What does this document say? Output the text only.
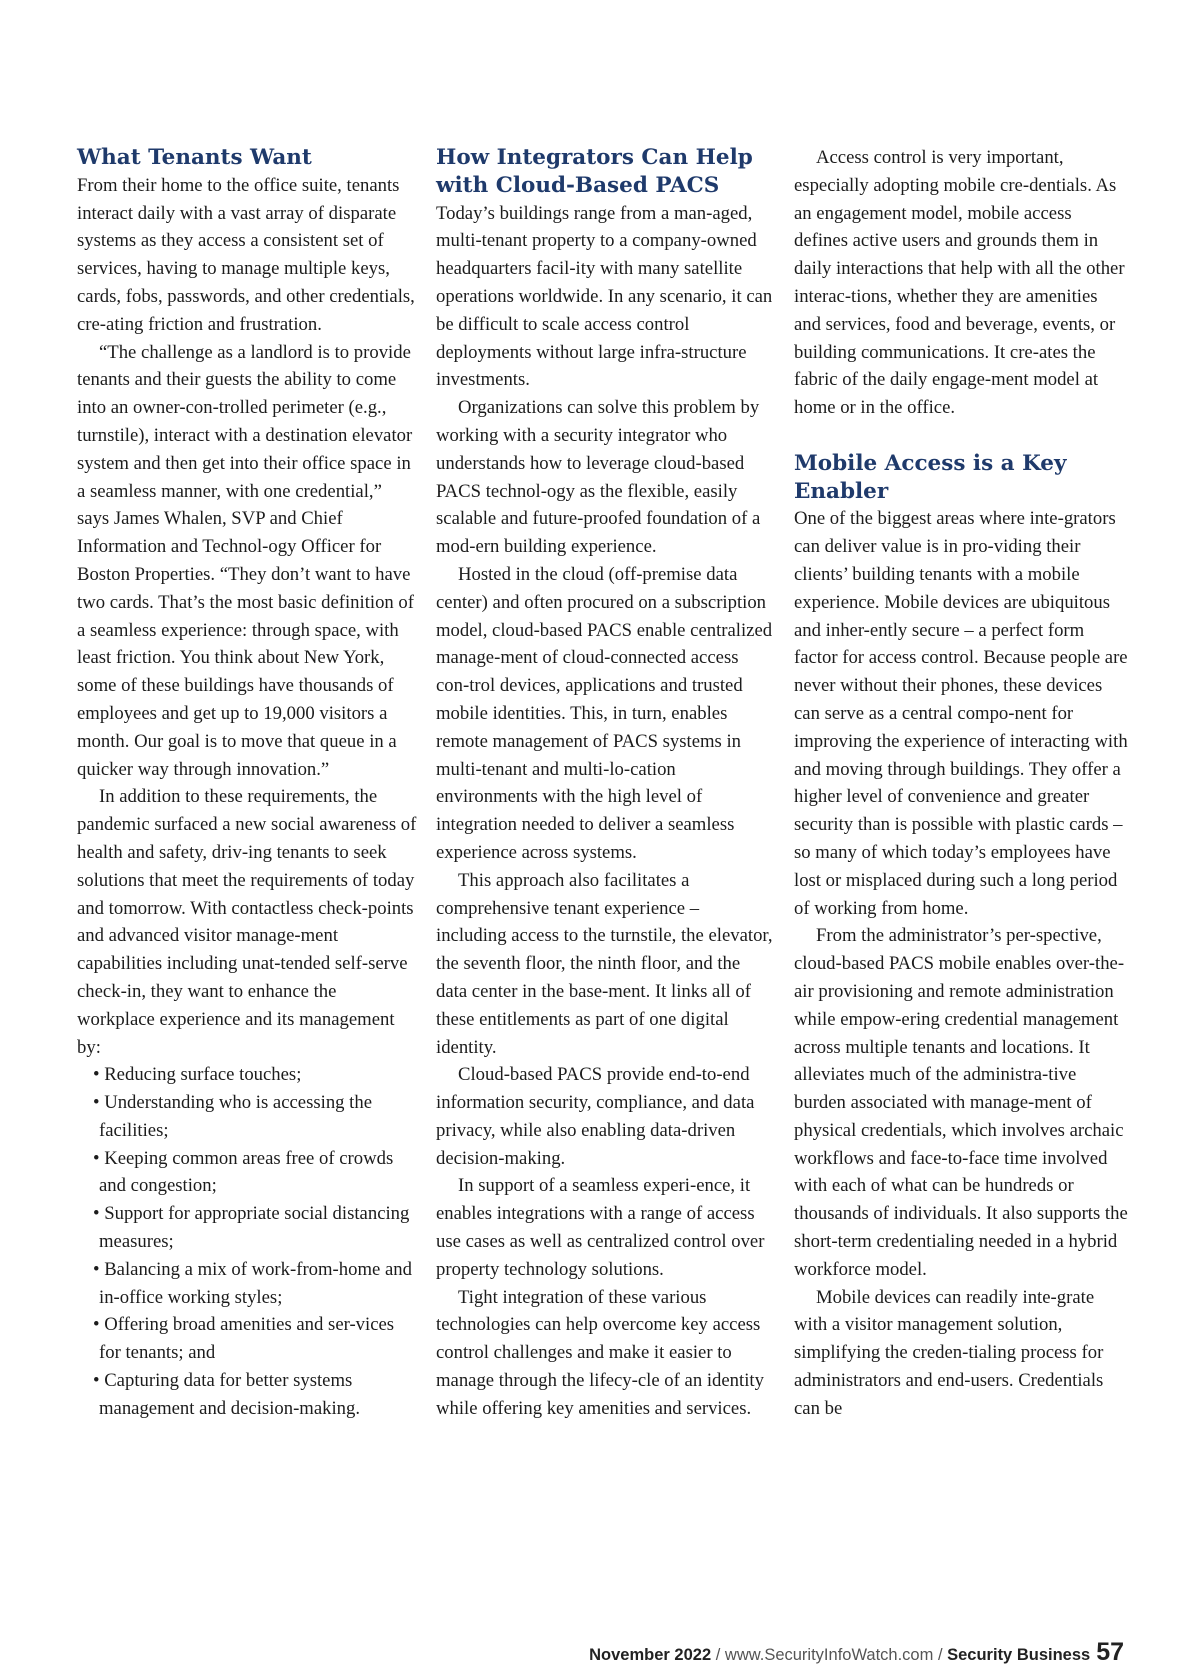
What Tenants Want

From their home to the office suite, tenants interact daily with a vast array of disparate systems as they access a consistent set of services, having to manage multiple keys, cards, fobs, passwords, and other credentials, cre-ating friction and frustration.

“The challenge as a landlord is to provide tenants and their guests the ability to come into an owner-con-trolled perimeter (e.g., turnstile), interact with a destination elevator system and then get into their office space in a seamless manner, with one credential,” says James Whalen, SVP and Chief Information and Technol-ogy Officer for Boston Properties. “They don’t want to have two cards. That’s the most basic definition of a seamless experience: through space, with least friction. You think about New York, some of these buildings have thousands of employees and get up to 19,000 visitors a month. Our goal is to move that queue in a quicker way through innovation.”

In addition to these requirements, the pandemic surfaced a new social awareness of health and safety, driv-ing tenants to seek solutions that meet the requirements of today and tomorrow. With contactless check-points and advanced visitor manage-ment capabilities including unat-tended self-serve check-in, they want to enhance the workplace experience and its management by:

• Reducing surface touches;

• Understanding who is accessing the facilities;

• Keeping common areas free of crowds and congestion;

• Support for appropriate social distancing measures;

• Balancing a mix of work-from-home and in-office working styles;

• Offering broad amenities and ser-vices for tenants; and

• Capturing data for better systems management and decision-making.

How Integrators Can Help with Cloud-Based PACS

Today’s buildings range from a man-aged, multi-tenant property to a company-owned headquarters facil-ity with many satellite operations worldwide. In any scenario, it can be difficult to scale access control deployments without large infra-structure investments.

Organizations can solve this problem by working with a security integrator who understands how to leverage cloud-based PACS technol-ogy as the flexible, easily scalable and future-proofed foundation of a mod-ern building experience.

Hosted in the cloud (off-premise data center) and often procured on a subscription model, cloud-based PACS enable centralized manage-ment of cloud-connected access con-trol devices, applications and trusted mobile identities. This, in turn, enables remote management of PACS systems in multi-tenant and multi-lo-cation environments with the high level of integration needed to deliver a seamless experience across systems.

This approach also facilitates a comprehensive tenant experience – including access to the turnstile, the elevator, the seventh floor, the ninth floor, and the data center in the base-ment. It links all of these entitlements as part of one digital identity.

Cloud-based PACS provide end-to-end information security, compliance, and data privacy, while also enabling data-driven decision-making.

In support of a seamless experi-ence, it enables integrations with a range of access use cases as well as centralized control over property technology solutions.

Tight integration of these various technologies can help overcome key access control challenges and make it easier to manage through the lifecy-cle of an identity while offering key amenities and services.

Access control is very important, especially adopting mobile cre-dentials. As an engagement model, mobile access defines active users and grounds them in daily interactions that help with all the other interac-tions, whether they are amenities and services, food and beverage, events, or building communications. It cre-ates the fabric of the daily engage-ment model at home or in the office.

Mobile Access is a Key Enabler

One of the biggest areas where inte-grators can deliver value is in pro-viding their clients’ building tenants with a mobile experience. Mobile devices are ubiquitous and inher-ently secure – a perfect form factor for access control. Because people are never without their phones, these devices can serve as a central compo-nent for improving the experience of interacting with and moving through buildings. They offer a higher level of convenience and greater security than is possible with plastic cards – so many of which today’s employees have lost or misplaced during such a long period of working from home.

From the administrator’s per-spective, cloud-based PACS mobile enables over-the-air provisioning and remote administration while empow-ering credential management across multiple tenants and locations. It alleviates much of the administra-tive burden associated with manage-ment of physical credentials, which involves archaic workflows and face-to-face time involved with each of what can be hundreds or thousands of individuals. It also supports the short-term credentialing needed in a hybrid workforce model.

Mobile devices can readily inte-grate with a visitor management solution, simplifying the creden-tialing process for administrators and end-users. Credentials can be

November 2022 / www.SecurityInfoWatch.com / Security Business 57
